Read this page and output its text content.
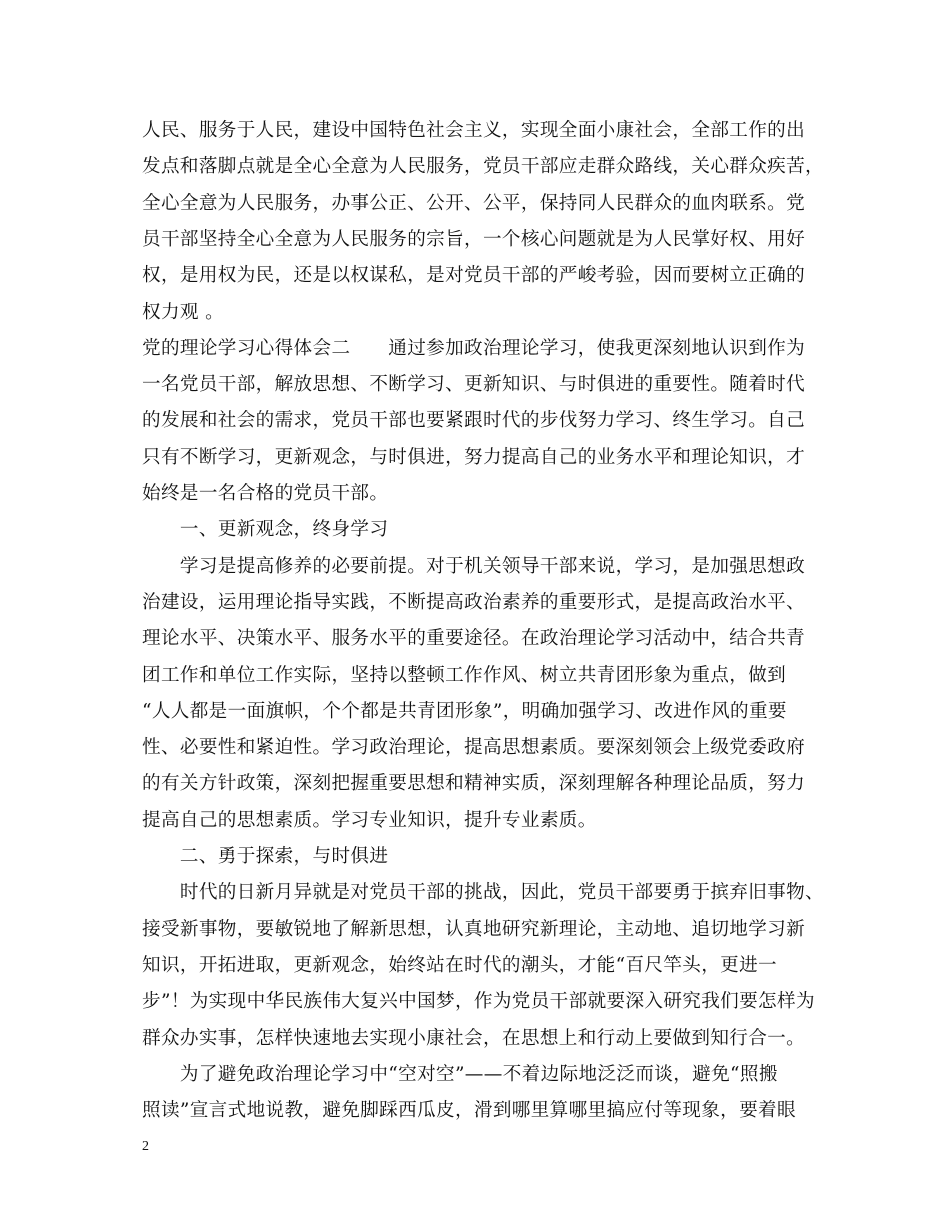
人民、服务于人民，建设中国特色社会主义，实现全面小康社会，全部工作的出
发点和落脚点就是全心全意为人民服务，党员干部应走群众路线，关心群众疾苦，
全心全意为人民服务，办事公正、公开、公平，保持同人民群众的血肉联系。党
员干部坚持全心全意为人民服务的宗旨，一个核心问题就是为人民掌好权、用好
权，是用权为民，还是以权谋私，是对党员干部的严峻考验，因而要树立正确的
权力观 。
党的理论学习心得体会二　　通过参加政治理论学习，使我更深刻地认识到作为
一名党员干部，解放思想、不断学习、更新知识、与时俱进的重要性。随着时代
的发展和社会的需求，党员干部也要紧跟时代的步伐努力学习、终生学习。自己
只有不断学习，更新观念，与时俱进，努力提高自己的业务水平和理论知识，才
始终是一名合格的党员干部。
　　一、更新观念，终身学习
　　学习是提高修养的必要前提。对于机关领导干部来说，学习，是加强思想政
治建设，运用理论指导实践，不断提高政治素养的重要形式，是提高政治水平、
理论水平、决策水平、服务水平的重要途径。在政治理论学习活动中，结合共青
团工作和单位工作实际，坚持以整顿工作作风、树立共青团形象为重点，做到
“人人都是一面旗帜，个个都是共青团形象”，明确加强学习、改进作风的重要
性、必要性和紧迫性。学习政治理论，提高思想素质。要深刻领会上级党委政府
的有关方针政策，深刻把握重要思想和精神实质，深刻理解各种理论品质，努力
提高自己的思想素质。学习专业知识，提升专业素质。
　　二、勇于探索，与时俱进
　　时代的日新月异就是对党员干部的挑战，因此，党员干部要勇于摈弃旧事物、
接受新事物，要敏锐地了解新思想，认真地研究新理论，主动地、追切地学习新
知识，开拓进取，更新观念，始终站在时代的潮头，才能“百尺竿头，更进一
步”！为实现中华民族伟大复兴中国梦，作为党员干部就要深入研究我们要怎样为
群众办实事，怎样快速地去实现小康社会，在思想上和行动上要做到知行合一。
　　为了避免政治理论学习中“空对空”——不着边际地泛泛而谈，避免“照搬
照读”宣言式地说教，避免脚踩西瓜皮，滑到哪里算哪里搞应付等现象，要着眼
2
